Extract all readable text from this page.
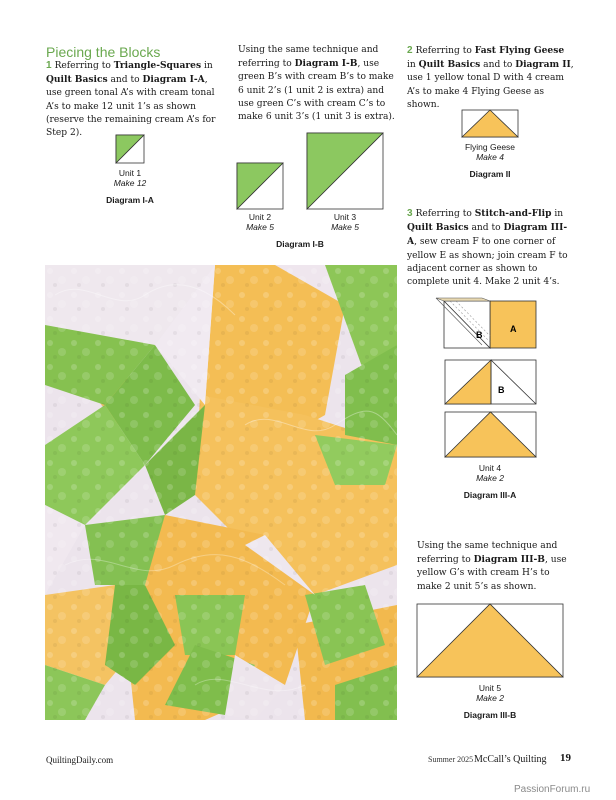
Piecing the Blocks
1 Referring to Triangle-Squares in Quilt Basics and to Diagram I-A, use green tonal A’s with cream tonal A’s to make 12 unit 1’s as shown (reserve the remaining cream A’s for Step 2).
Using the same technique and referring to Diagram I-B, use green B’s with cream B’s to make 6 unit 2’s (1 unit 2 is extra) and use green C’s with cream C’s to make 6 unit 3’s (1 unit 3 is extra).
2 Referring to Fast Flying Geese in Quilt Basics and to Diagram II, use 1 yellow tonal D with 4 cream A’s to make 4 Flying Geese as shown.
Unit 1
Make 12
Diagram I-A
Unit 2
Make 5
Unit 3
Make 5
Diagram I-B
Flying Geese
Make 4
Diagram II
3 Referring to Stitch-and-Flip in Quilt Basics and to Diagram III-A, sew cream F to one corner of yellow E as shown; join cream F to adjacent corner as shown to complete unit 4. Make 2 unit 4’s.
B
A
B
Unit 4
Make 2
Diagram III-A
Using the same technique and referring to Diagram III-B, use yellow G’s with cream H’s to make 2 unit 5’s as shown.
Unit 5
Make 2
Diagram III-B
QuiltingDaily.com	Summer 2025 McCall’s Quilting 19
PassionForum.ru
